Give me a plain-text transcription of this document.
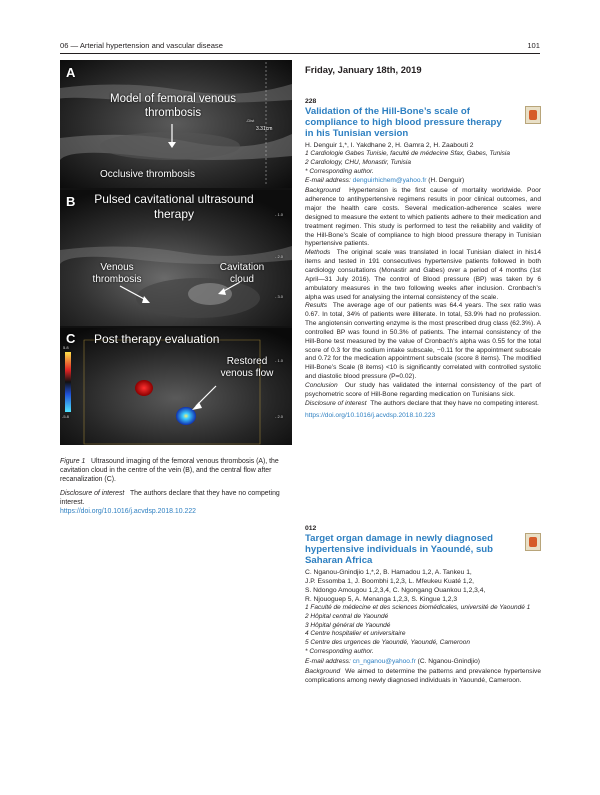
06 — Arterial hypertension and vascular disease	101
A
Model of femoral venous thrombosis
Occlusive thrombosis
3.31cm
-Dist
B	Pulsed cavitational ultrasound therapy
Venous thrombosis
Cavitation cloud
- 1.0
- 2.0
- 3.0
C Post therapy evaluation
Restored venous flow
5.8
-5.8
- 1.0
- 2.0
Figure 1 Ultrasound imaging of the femoral venous thrombosis (A), the cavitation cloud in the centre of the vein (B), and the central flow after recanalization (C).
Disclosure of interest The authors declare that they have no competing interest.
https://doi.org/10.1016/j.acvdsp.2018.10.222
Friday, January 18th, 2019
228
Validation of the Hill-Bone’s scale of compliance to high blood pressure therapy in his Tunisian version
H. Denguir 1,*, I. Yakdhane 2, H. Gamra 2, H. Zaabouti 2
1 Cardiologie Gabes Tunisie, faculté de médecine Sfax, Gabes, Tunisia
2 Cardiology, CHU, Monastir, Tunisia
* Corresponding author.
E-mail address: denguirhichem@yahoo.fr (H. Denguir)
Background Hypertension is the first cause of mortality worldwide. Poor adherence to antihypertensive regimens results in poor clinical outcomes, and major the health care costs. Several medication-adherence scales were designed to measure the extent to which patients adhere to their medication and treatment regimen. This study is performed to test the reliability and validity of the Hill-Bone’s Scale of compliance to high blood pressure therapy in Tunisian hypertensive patients.
Methods The original scale was translated in local Tunisian dialect in his14 items and tested in 191 consecutives hypertensive patients followed in both cardiology consultations (Monastir and Gabes) over a period of 4 months (1st April—31 July 2016). The control of Blood pressure (BP) was taken by 6 ambulatory measures in the two following weeks after inclusion. Cronbach’s alpha was used for analysing the internal consistency of the scale.
Results The average age of our patients was 64.4 years. The sex ratio was 0.67. In total, 34% of patients were illiterate. In total, 53.9% had no profession. The angiotensin converting enzyme is the most prescribed drug class (62.3%). A controlled BP was found in 50.3% of patients. The internal consistency of the Hill-Bone test measured by the value of Cronbach’s alpha was 0.55 for the total score of 0.3 for the sodium intake subscale, −0.11 for the appointment subscale and 0.72 for the medication appointment subscale (score 8 items). The modified Hill-Bone’s Scale (8 items) <10 is significantly correlated with controlled systolic and diastolic blood pressure (P=0.02).
Conclusion Our study has validated the internal consistency of the part of psychometric score of Hill-Bone regarding medication on Tunisians sick.
Disclosure of interest The authors declare that they have no competing interest.
https://doi.org/10.1016/j.acvdsp.2018.10.223
012
Target organ damage in newly diagnosed hypertensive individuals in Yaoundé, sub Saharan Africa
C. Nganou-Gnindjio 1,*,2, B. Hamadou 1,2, A. Tankeu 1,
J.P. Essomba 1, J. Boombhi 1,2,3, L. Mfeukeu Kuaté 1,2,
S. Ndongo Amougou 1,2,3,4, C. Ngongang Ouankou 1,2,3,4,
R. Njouoguep 5, A. Menanga 1,2,3, S. Kingue 1,2,3
1 Faculté de médecine et des sciences biomédicales, université de Yaoundé 1
2 Hôpital central de Yaoundé
3 Hôpital général de Yaoundé
4 Centre hospitalier et universitaire
5 Centre des urgences de Yaoundé, Yaoundé, Cameroon
* Corresponding author.
E-mail address: cn_nganou@yahoo.fr (C. Nganou-Gnindjio)
Background We aimed to determine the patterns and prevalence hypertensive complications among newly diagnosed individuals in Yaoundé, Cameroon.
